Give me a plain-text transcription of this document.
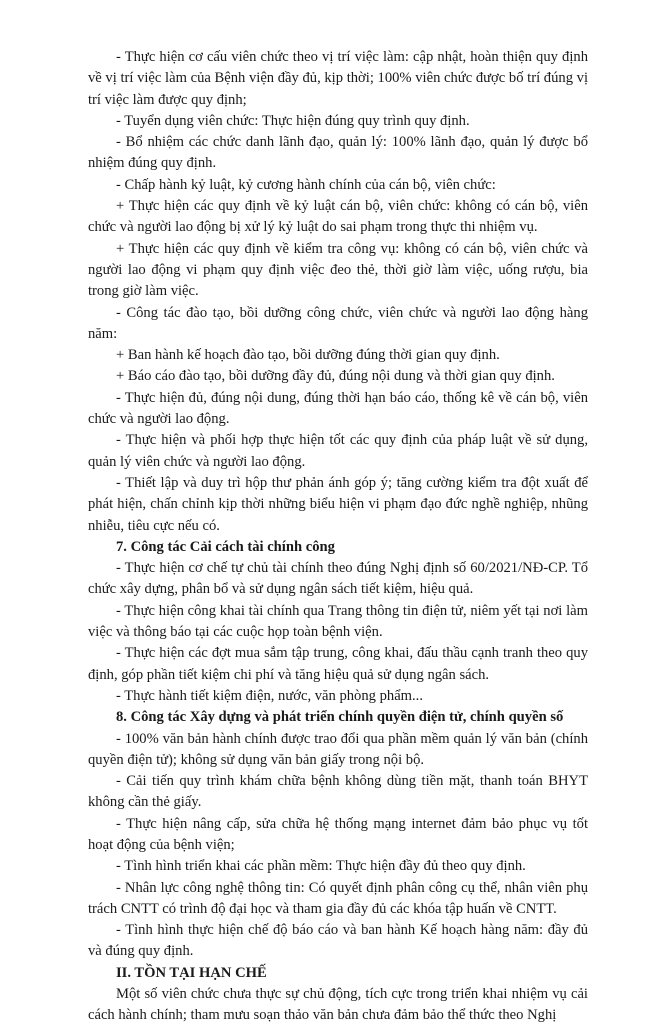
- Thực hiện cơ cấu viên chức theo vị trí việc làm: cập nhật, hoàn thiện quy định về vị trí việc làm của Bệnh viện đầy đủ, kịp thời; 100% viên chức được bố trí đúng vị trí việc làm được quy định;

- Tuyển dụng viên chức: Thực hiện đúng quy trình quy định.

- Bổ nhiệm các chức danh lãnh đạo, quản lý: 100% lãnh đạo, quản lý được bổ nhiệm đúng quy định.

- Chấp hành kỷ luật, kỷ cương hành chính của cán bộ, viên chức:

+ Thực hiện các quy định về kỷ luật cán bộ, viên chức: không có cán bộ, viên chức và người lao động bị xử lý kỷ luật do sai phạm trong thực thi nhiệm vụ.

+ Thực hiện các quy định về kiểm tra công vụ: không có cán bộ, viên chức và người lao động vi phạm quy định việc đeo thẻ, thời giờ làm việc, uống rượu, bia trong giờ làm việc.

- Công tác đào tạo, bồi dưỡng công chức, viên chức và người lao động hàng năm:

+ Ban hành kế hoạch đào tạo, bồi dưỡng đúng thời gian quy định.

+ Báo cáo đào tạo, bồi dưỡng đầy đủ, đúng nội dung và thời gian quy định.

- Thực hiện đủ, đúng nội dung, đúng thời hạn báo cáo, thống kê về cán bộ, viên chức và người lao động.

- Thực hiện và phối hợp thực hiện tốt các quy định của pháp luật về sử dụng, quản lý viên chức và người lao động.

- Thiết lập và duy trì hộp thư phản ánh góp ý; tăng cường kiểm tra đột xuất để phát hiện, chấn chỉnh kịp thời những biểu hiện vi phạm đạo đức nghề nghiệp, nhũng nhiễu, tiêu cực nếu có.

7. Công tác Cải cách tài chính công

- Thực hiện cơ chế tự chủ tài chính theo đúng Nghị định số 60/2021/NĐ-CP. Tổ chức xây dựng, phân bổ và sử dụng ngân sách tiết kiệm, hiệu quả.

- Thực hiện công khai tài chính qua Trang thông tin điện tử, niêm yết tại nơi làm việc và thông báo tại các cuộc họp toàn bệnh viện.

- Thực hiện các đợt mua sắm tập trung, công khai, đấu thầu cạnh tranh theo quy định, góp phần tiết kiệm chi phí và tăng hiệu quả sử dụng ngân sách.

- Thực hành tiết kiệm điện, nước, văn phòng phẩm...

8. Công tác Xây dựng và phát triển chính quyền điện tử, chính quyền số

- 100% văn bản hành chính được trao đổi qua phần mềm quản lý văn bản (chính quyền điện tử); không sử dụng văn bản giấy trong nội bộ.

- Cải tiến quy trình khám chữa bệnh không dùng tiền mặt, thanh toán BHYT không cần thẻ giấy.

- Thực hiện nâng cấp, sửa chữa hệ thống mạng internet đảm bảo phục vụ tốt hoạt động của bệnh viện;

- Tình hình triển khai các phần mềm: Thực hiện đầy đủ theo quy định.

- Nhân lực công nghệ thông tin: Có quyết định phân công cụ thể, nhân viên phụ trách CNTT có trình độ đại học và tham gia đầy đủ các khóa tập huấn về CNTT.

- Tình hình thực hiện chế độ báo cáo và ban hành Kế hoạch hàng năm: đầy đủ và đúng quy định.

II. TỒN TẠI HẠN CHẾ

Một số viên chức chưa thực sự chủ động, tích cực trong triển khai nhiệm vụ cải cách hành chính; tham mưu soạn thảo văn bản chưa đảm bảo thể thức theo Nghị
